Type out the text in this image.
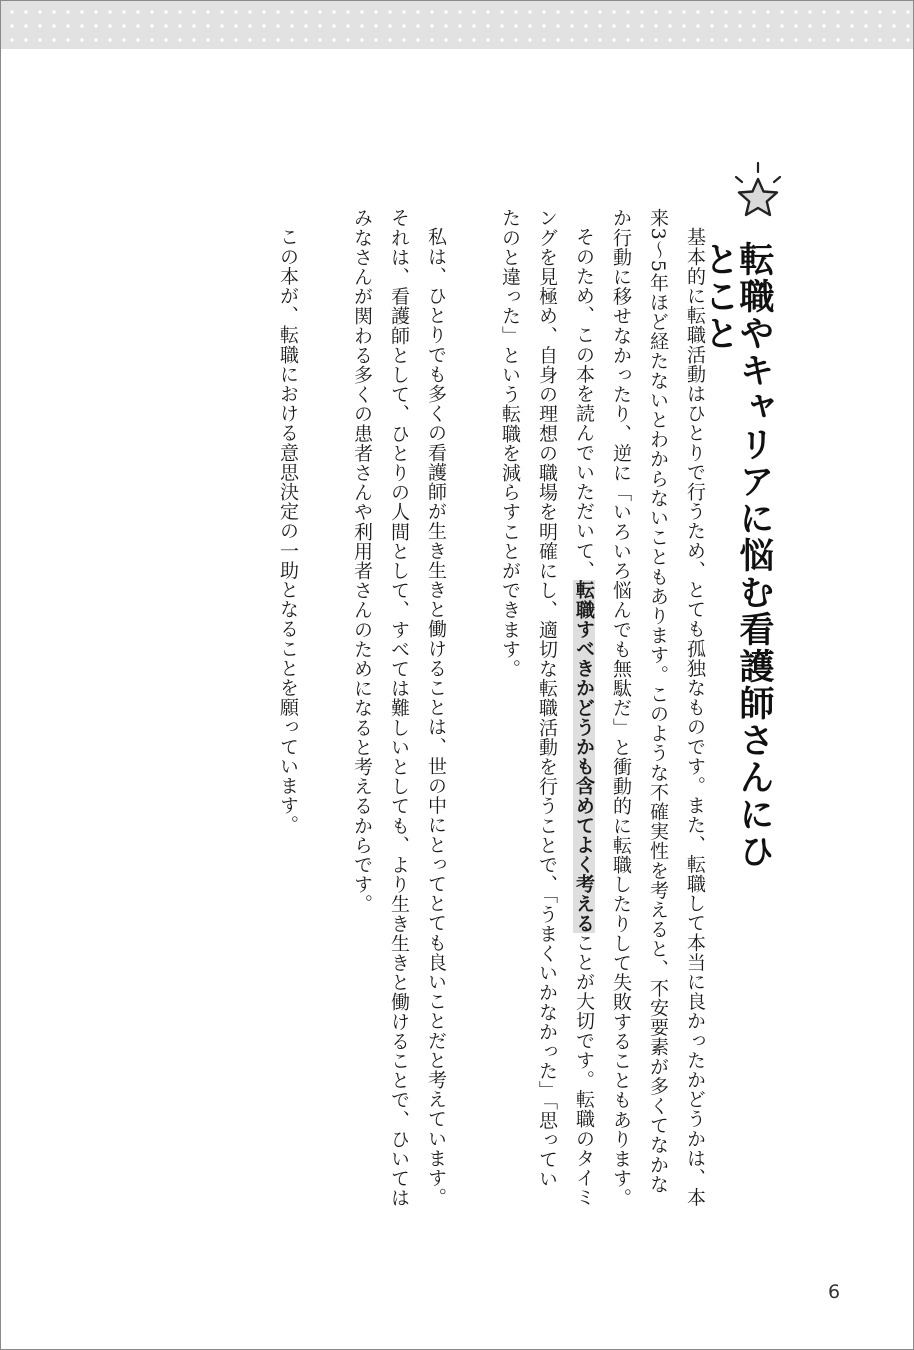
転職やキャリアに悩む看護師さんにひとこと

基本的に転職活動はひとりで行うため、とても孤独なものです。また、転職して本当に良かったかどうかは、本来3～5年ほど経たないとわからないこともあります。このような不確実性を考えると、不安要素が多くてなかなか行動に移せなかったり、逆に「いろいろ悩んでも無駄だ」と衝動的に転職したりして失敗することもあります。

そのため、この本を読んでいただいて、転職すべきかどうかも含めてよく考えることが大切です。転職のタイミングを見極め、自身の理想の職場を明確にし、適切な転職活動を行うことで、「うまくいかなかった」「思っていたのと違った」という転職を減らすことができます。

私は、ひとりでも多くの看護師が生き生きと働けることは、世の中にとってとても良いことだと考えています。それは、看護師として、ひとりの人間として、すべては難しいとしても、より生き生きと働けることで、ひいてはみなさんが関わる多くの患者さんや利用者さんのためになると考えるからです。

この本が、転職における意思決定の一助となることを願っています。

6
